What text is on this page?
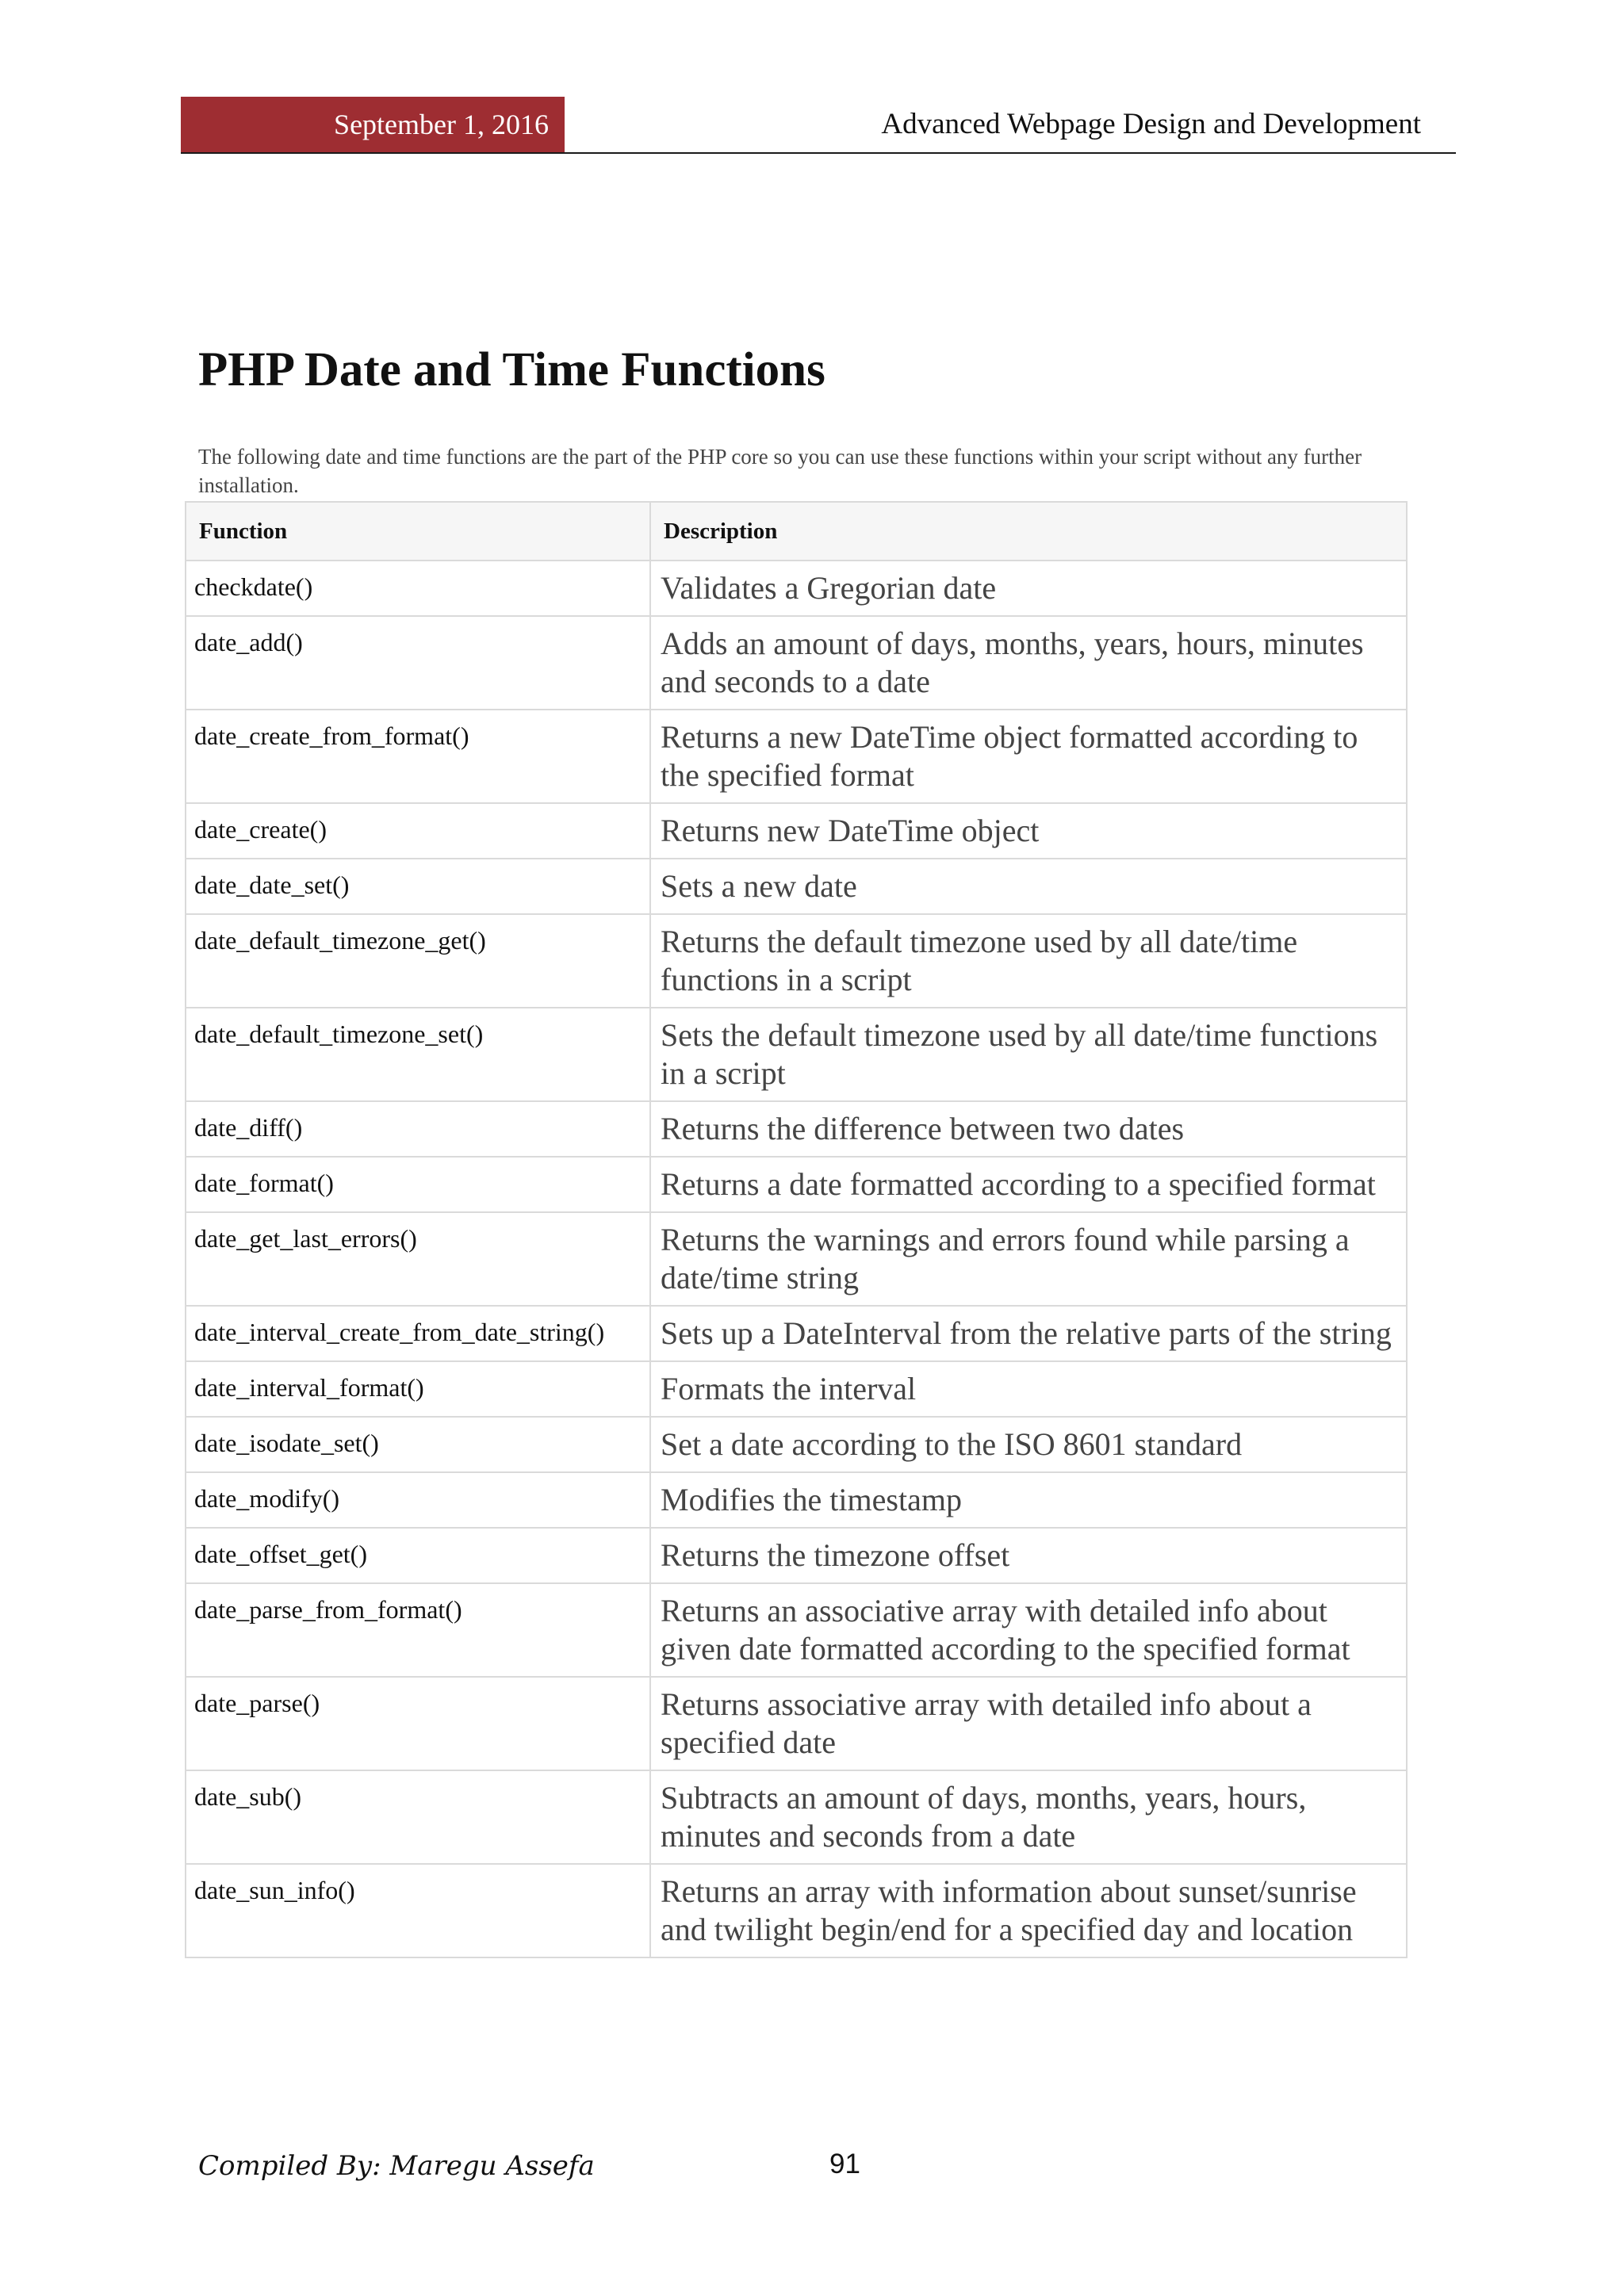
September 1, 2016	Advanced Webpage Design and Development
PHP Date and Time Functions

The following date and time functions are the part of the PHP core so you can use these functions within your script without any further installation.

Function	Description
checkdate()	Validates a Gregorian date
date_add()	Adds an amount of days, months, years, hours, minutes and seconds to a date
date_create_from_format()	Returns a new DateTime object formatted according to the specified format
date_create()	Returns new DateTime object
date_date_set()	Sets a new date
date_default_timezone_get()	Returns the default timezone used by all date/time functions in a script
date_default_timezone_set()	Sets the default timezone used by all date/time functions in a script
date_diff()	Returns the difference between two dates
date_format()	Returns a date formatted according to a specified format
date_get_last_errors()	Returns the warnings and errors found while parsing a date/time string
date_interval_create_from_date_string()	Sets up a DateInterval from the relative parts of the string
date_interval_format()	Formats the interval
date_isodate_set()	Set a date according to the ISO 8601 standard
date_modify()	Modifies the timestamp
date_offset_get()	Returns the timezone offset
date_parse_from_format()	Returns an associative array with detailed info about given date formatted according to the specified format
date_parse()	Returns associative array with detailed info about a specified date
date_sub()	Subtracts an amount of days, months, years, hours, minutes and seconds from a date
date_sun_info()	Returns an array with information about sunset/sunrise and twilight begin/end for a specified day and location
Compiled By: Maregu Assefa	91
